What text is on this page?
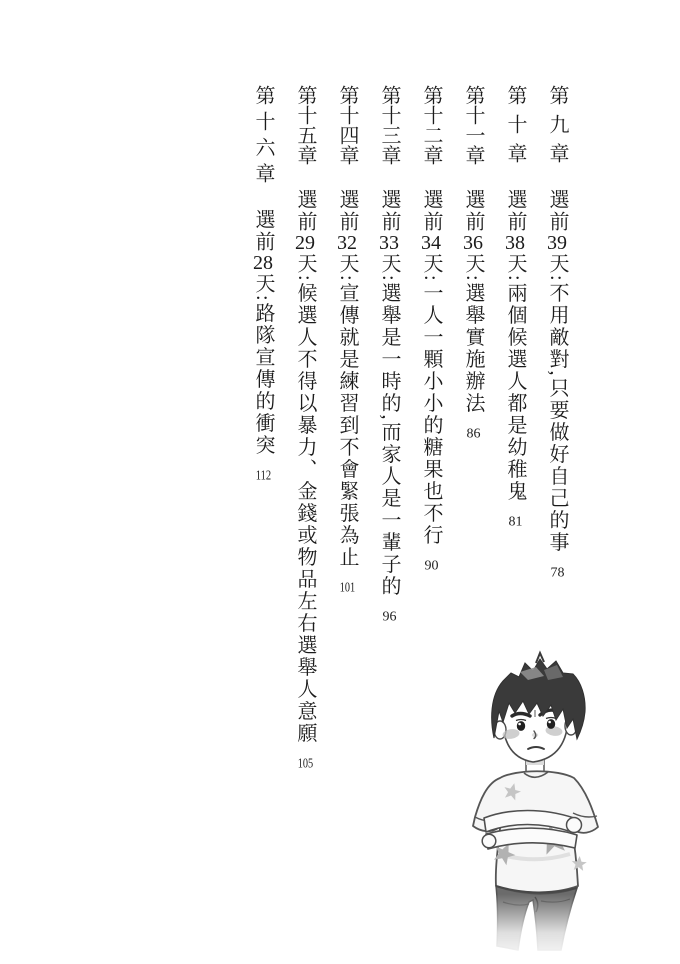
第九章選前39天:不用敵對,只要做好自己的事78
第十章選前38天:兩個候選人都是幼稚鬼81
第十一章選前36天:選舉實施辦法86
第十二章選前34天:一人一顆小小的糖果也不行90
第十三章選前33天:選舉是一時的,而家人是一輩子的96
第十四章選前32天:宣傳就是練習到不會緊張為止101
第十五章選前29天:候選人不得以暴力、金錢或物品左右選舉人意願105
第十六章選前28天:路隊宣傳的衝突112
